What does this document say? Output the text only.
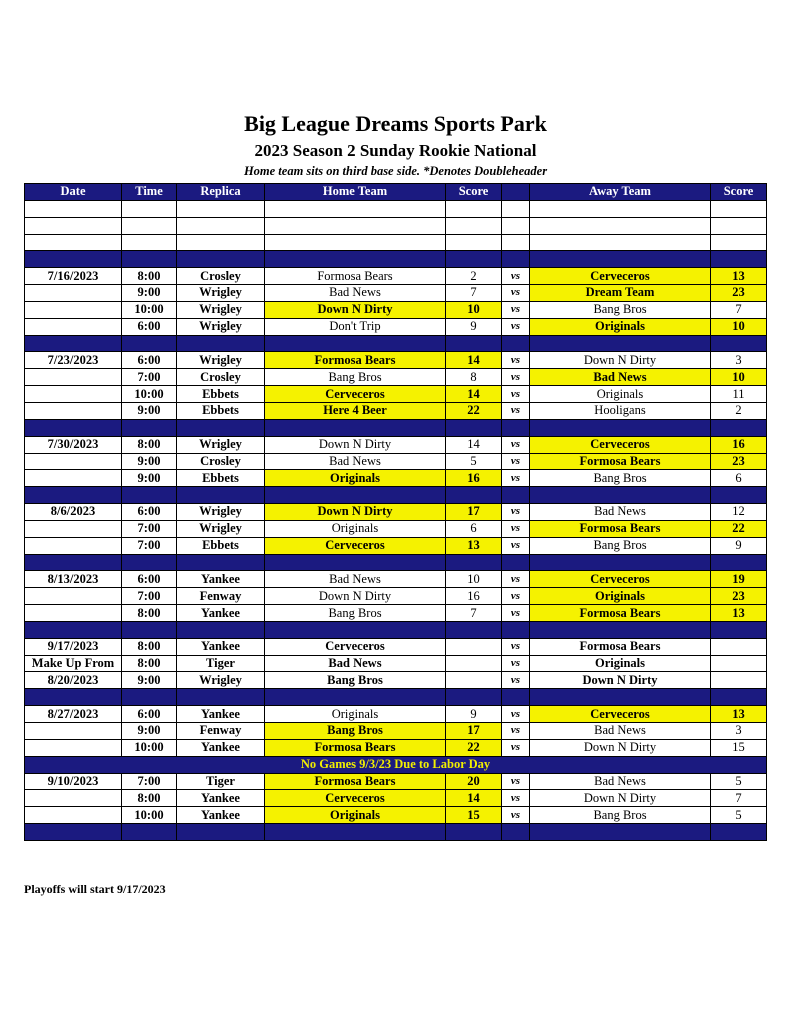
Big League Dreams Sports Park
2023 Season 2 Sunday Rookie National
Home team sits on third base side. *Denotes Doubleheader
Date	Time	Replica	Home Team	Score		Away Team	Score

7/16/2023	8:00	Crosley	Formosa Bears	2	vs	Cerveceros	13
	9:00	Wrigley	Bad News	7	vs	Dream Team	23
	10:00	Wrigley	Down N Dirty	10	vs	Bang Bros	7
	6:00	Wrigley	Don't Trip	9	vs	Originals	10

7/23/2023	6:00	Wrigley	Formosa Bears	14	vs	Down N Dirty	3
	7:00	Crosley	Bang Bros	8	vs	Bad News	10
	10:00	Ebbets	Cerveceros	14	vs	Originals	11
	9:00	Ebbets	Here 4 Beer	22	vs	Hooligans	2

7/30/2023	8:00	Wrigley	Down N Dirty	14	vs	Cerveceros	16
	9:00	Crosley	Bad News	5	vs	Formosa Bears	23
	9:00	Ebbets	Originals	16	vs	Bang Bros	6

8/6/2023	6:00	Wrigley	Down N Dirty	17	vs	Bad News	12
	7:00	Wrigley	Originals	6	vs	Formosa Bears	22
	7:00	Ebbets	Cerveceros	13	vs	Bang Bros	9

8/13/2023	6:00	Yankee	Bad News	10	vs	Cerveceros	19
	7:00	Fenway	Down N Dirty	16	vs	Originals	23
	8:00	Yankee	Bang Bros	7	vs	Formosa Bears	13

9/17/2023	8:00	Yankee	Cerveceros		vs	Formosa Bears	
Make Up From	8:00	Tiger	Bad News		vs	Originals	
8/20/2023	9:00	Wrigley	Bang Bros		vs	Down N Dirty	

8/27/2023	6:00	Yankee	Originals	9	vs	Cerveceros	13
	9:00	Fenway	Bang Bros	17	vs	Bad News	3
	10:00	Yankee	Formosa Bears	22	vs	Down N Dirty	15
No Games 9/3/23 Due to Labor Day							
9/10/2023	7:00	Tiger	Formosa Bears	20	vs	Bad News	5
	8:00	Yankee	Cerveceros	14	vs	Down N Dirty	7
	10:00	Yankee	Originals	15	vs	Bang Bros	5

Playoffs will start 9/17/2023
